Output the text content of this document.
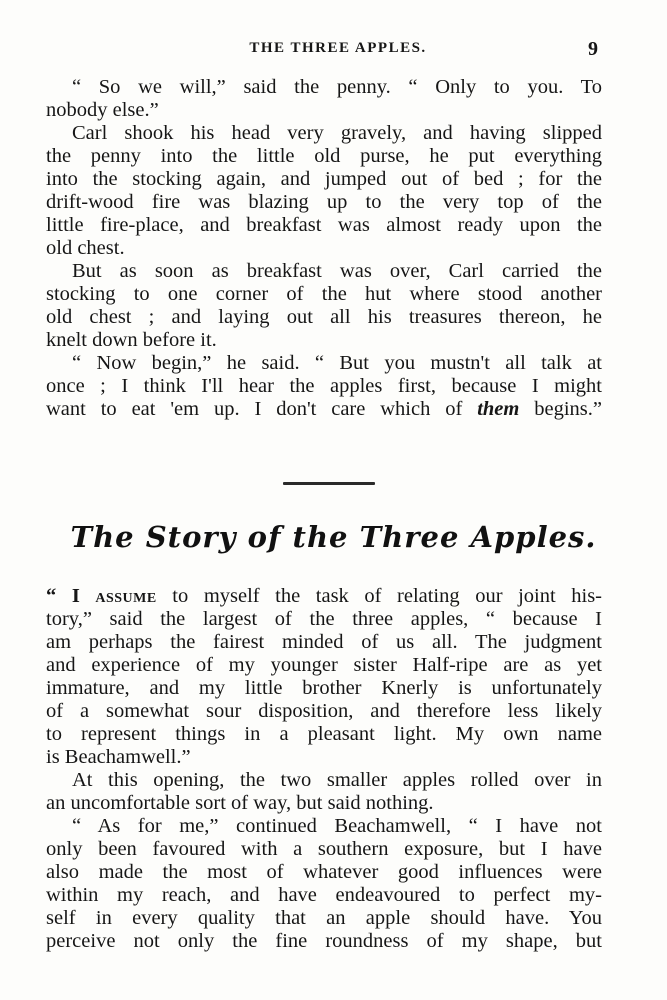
THE THREE APPLES.	9
“ So we will,” said the penny. “ Only to you. To
nobody else.”
Carl shook his head very gravely, and having slipped
the penny into the little old purse, he put everything
into the stocking again, and jumped out of bed ; for the
drift-wood fire was blazing up to the very top of the
little fire-place, and breakfast was almost ready upon the
old chest.
But as soon as breakfast was over, Carl carried the
stocking to one corner of the hut where stood another
old chest ; and laying out all his treasures thereon, he
knelt down before it.
“ Now begin,” he said. “ But you mustn't all talk at
once ; I think I'll hear the apples first, because I might
want to eat 'em up. I don't care which of them begins.”
The Story of the Three Apples.
“ I assume to myself the task of relating our joint his-
tory,” said the largest of the three apples, “ because I
am perhaps the fairest minded of us all. The judgment
and experience of my younger sister Half-ripe are as yet
immature, and my little brother Knerly is unfortunately
of a somewhat sour disposition, and therefore less likely
to represent things in a pleasant light. My own name
is Beachamwell.”
At this opening, the two smaller apples rolled over in
an uncomfortable sort of way, but said nothing.
“ As for me,” continued Beachamwell, “ I have not
only been favoured with a southern exposure, but I have
also made the most of whatever good influences were
within my reach, and have endeavoured to perfect my-
self in every quality that an apple should have. You
perceive not only the fine roundness of my shape, but
